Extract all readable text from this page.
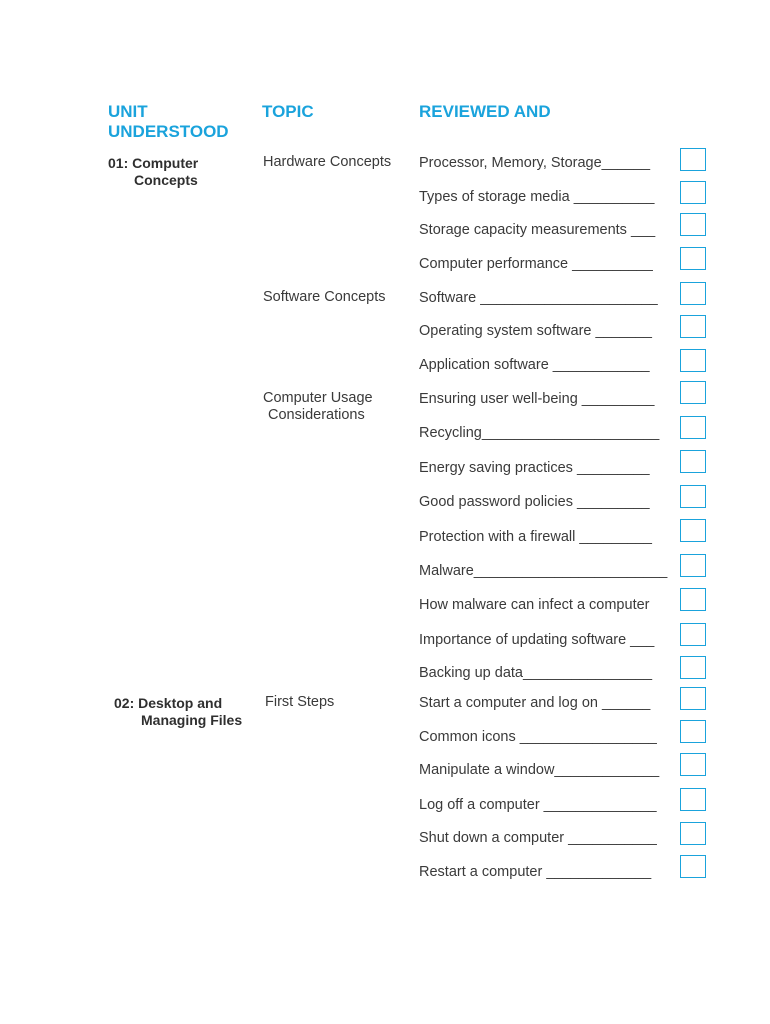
UNIT UNDERSTOOD
TOPIC	REVIEWED AND
01: Computer
Concepts
02: Desktop and
Managing Files
Hardware Concepts
Software Concepts
Computer Usage
Considerations
First Steps
Processor, Memory, Storage______
Types of storage media __________
Storage capacity measurements ___
Computer performance __________
Software ______________________
Operating system software _______
Application software ____________
Ensuring user well-being _________
Recycling______________________
Energy saving practices _________
Good password policies _________
Protection with a firewall _________
Malware________________________
How malware can infect a computer
Importance of updating software ___
Backing up data________________
Start a computer and log on ______
Common icons _________________
Manipulate a window_____________
Log off a computer ______________
Shut down a computer ___________
Restart a computer _____________
